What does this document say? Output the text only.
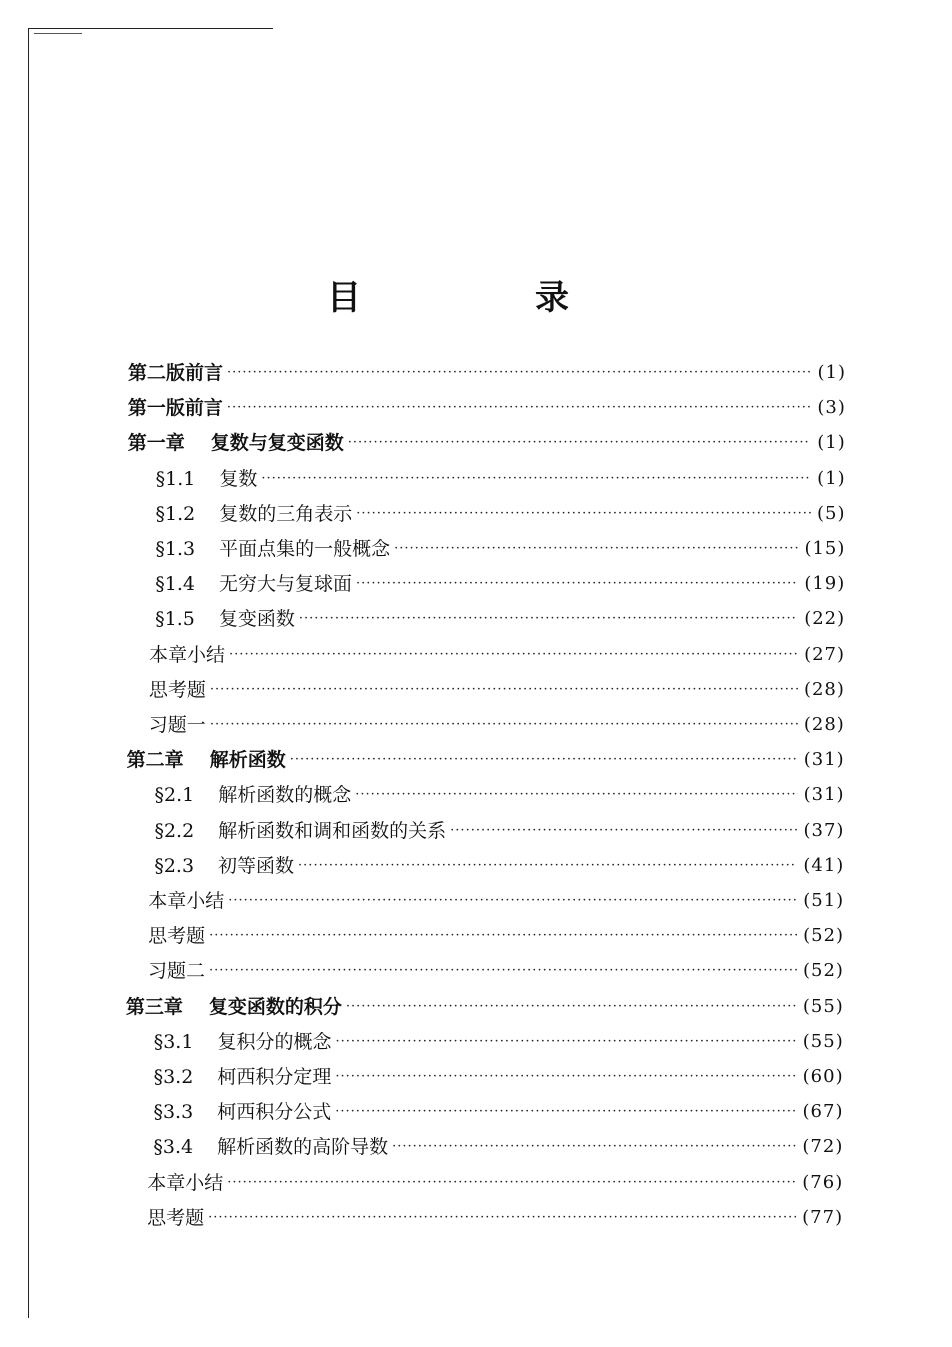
目　录
第二版前言 ·····	(1)
第一版前言 ·····	(3)
第一章 复数与复变函数 ·····	(1)
§1.1 复数 ·····	(1)
§1.2 复数的三角表示 ·····	(5)
§1.3 平面点集的一般概念 ·····	(15)
§1.4 无穷大与复球面 ·····	(19)
§1.5 复变函数 ·····	(22)
本章小结 ·····	(27)
思考题 ·····	(28)
习题一 ·····	(28)
第二章 解析函数 ·····	(31)
§2.1 解析函数的概念 ·····	(31)
§2.2 解析函数和调和函数的关系 ·····	(37)
§2.3 初等函数 ·····	(41)
本章小结 ·····	(51)
思考题 ·····	(52)
习题二 ·····	(52)
第三章 复变函数的积分 ·····	(55)
§3.1 复积分的概念 ·····	(55)
§3.2 柯西积分定理 ·····	(60)
§3.3 柯西积分公式 ·····	(67)
§3.4 解析函数的高阶导数 ·····	(72)
本章小结 ·····	(76)
思考题 ·····	(77)
